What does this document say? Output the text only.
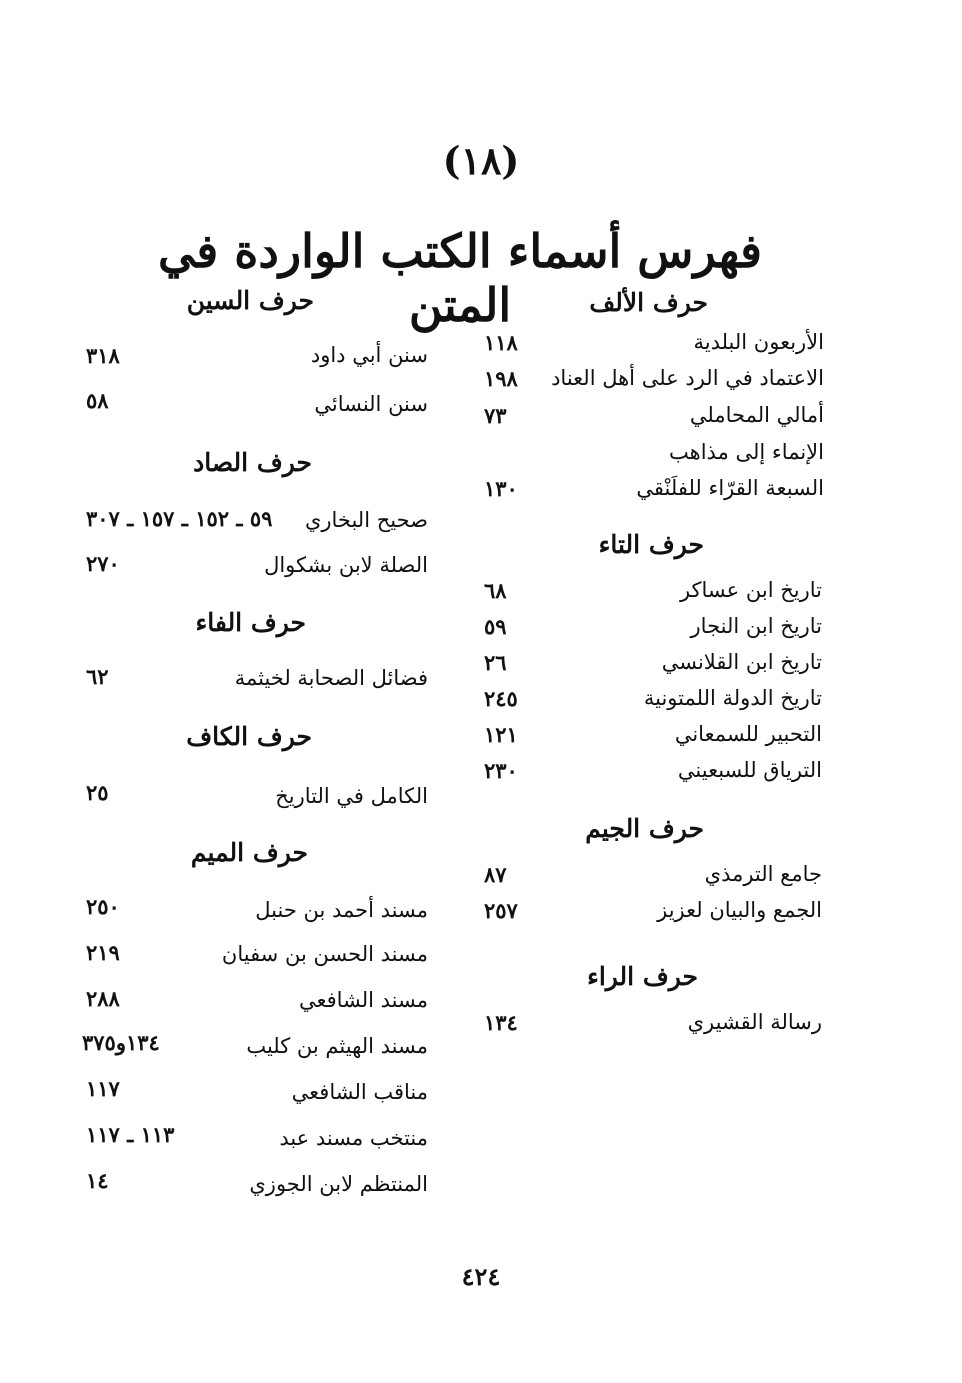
(١٨)
فهرس أسماء الكتب الواردة في المتن	حرف الألف
الأربعون البلدية
١١٨
الاعتماد في الرد على أهل العناد
١٩٨
أمالي المحاملي
٧٣
الإنماء إلى مذاهب
السبعة القرّاء للفلَنْقي
١٣٠
حرف التاء
تاريخ ابن عساكر
٦٨
تاريخ ابن النجار
٥٩
تاريخ ابن القلانسي
٢٦
تاريخ الدولة اللمتونية
٢٤٥
التحبير للسمعاني
١٢١
الترياق للسبعيني
٢٣٠
حرف الجيم
جامع الترمذي
٨٧
الجمع والبيان لعزيز
٢٥٧
حرف الراء
رسالة القشيري
١٣٤
حرف السين
سنن أبي داود
٣١٨
سنن النسائي
٥٨
حرف الصاد
صحيح البخاري
٥٩ ـ ١٥٢ ـ ١٥٧ ـ ٣٠٧
الصلة لابن بشكوال
٢٧٠
حرف الفاء
فضائل الصحابة لخيثمة
٦٢
حرف الكاف
الكامل في التاريخ
٢٥
حرف الميم
مسند أحمد بن حنبل
٢٥٠
مسند الحسن بن سفيان
٢١٩
مسند الشافعي
٢٨٨
مسند الهيثم بن كليب
١٣٤و٣٧٥
مناقب الشافعي
١١٧
منتخب مسند عبد
١١٣ ـ ١١٧
المنتظم لابن الجوزي
١٤
٤٢٤
